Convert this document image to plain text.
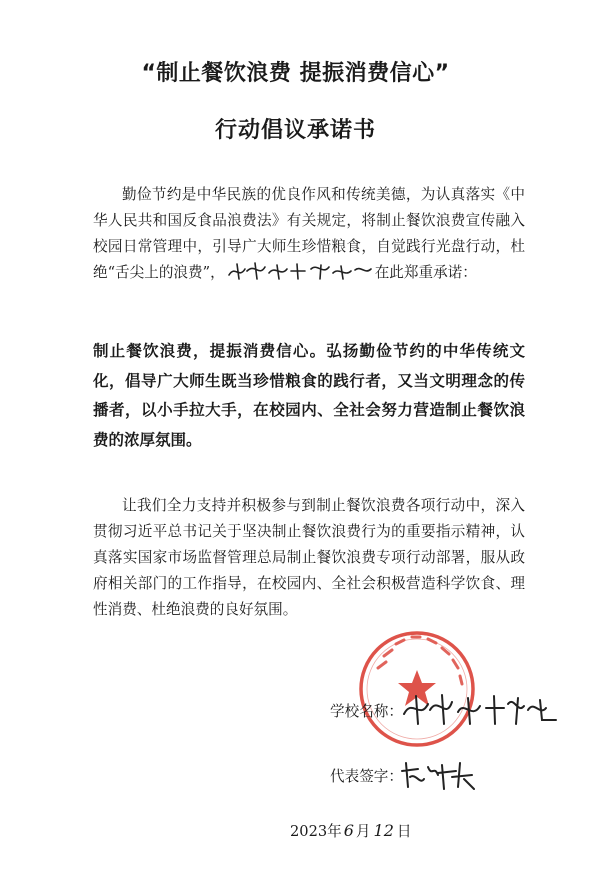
“制止餐饮浪费 提振消费信心”
行动倡议承诺书
勤俭节约是中华民族的优良作风和传统美德，为认真落实《中华人民共和国反食品浪费法》有关规定，将制止餐饮浪费宣传融入校园日常管理中，引导广大师生珍惜粮食，自觉践行光盘行动，杜绝“舌尖上的浪费”，	在此郑重承诺：
制止餐饮浪费，提振消费信心。弘扬勤俭节约的中华传统文化，倡导广大师生既当珍惜粮食的践行者，又当文明理念的传播者，以小手拉大手，在校园内、全社会努力营造制止餐饮浪费的浓厚氛围。
让我们全力支持并积极参与到制止餐饮浪费各项行动中，深入贯彻习近平总书记关于坚决制止餐饮浪费行为的重要指示精神，认真落实国家市场监督管理总局制止餐饮浪费专项行动部署，服从政府相关部门的工作指导，在校园内、全社会积极营造科学饮食、理性消费、杜绝浪费的良好氛围。
学校名称：
代表签字：
2023年 6 月 12 日
